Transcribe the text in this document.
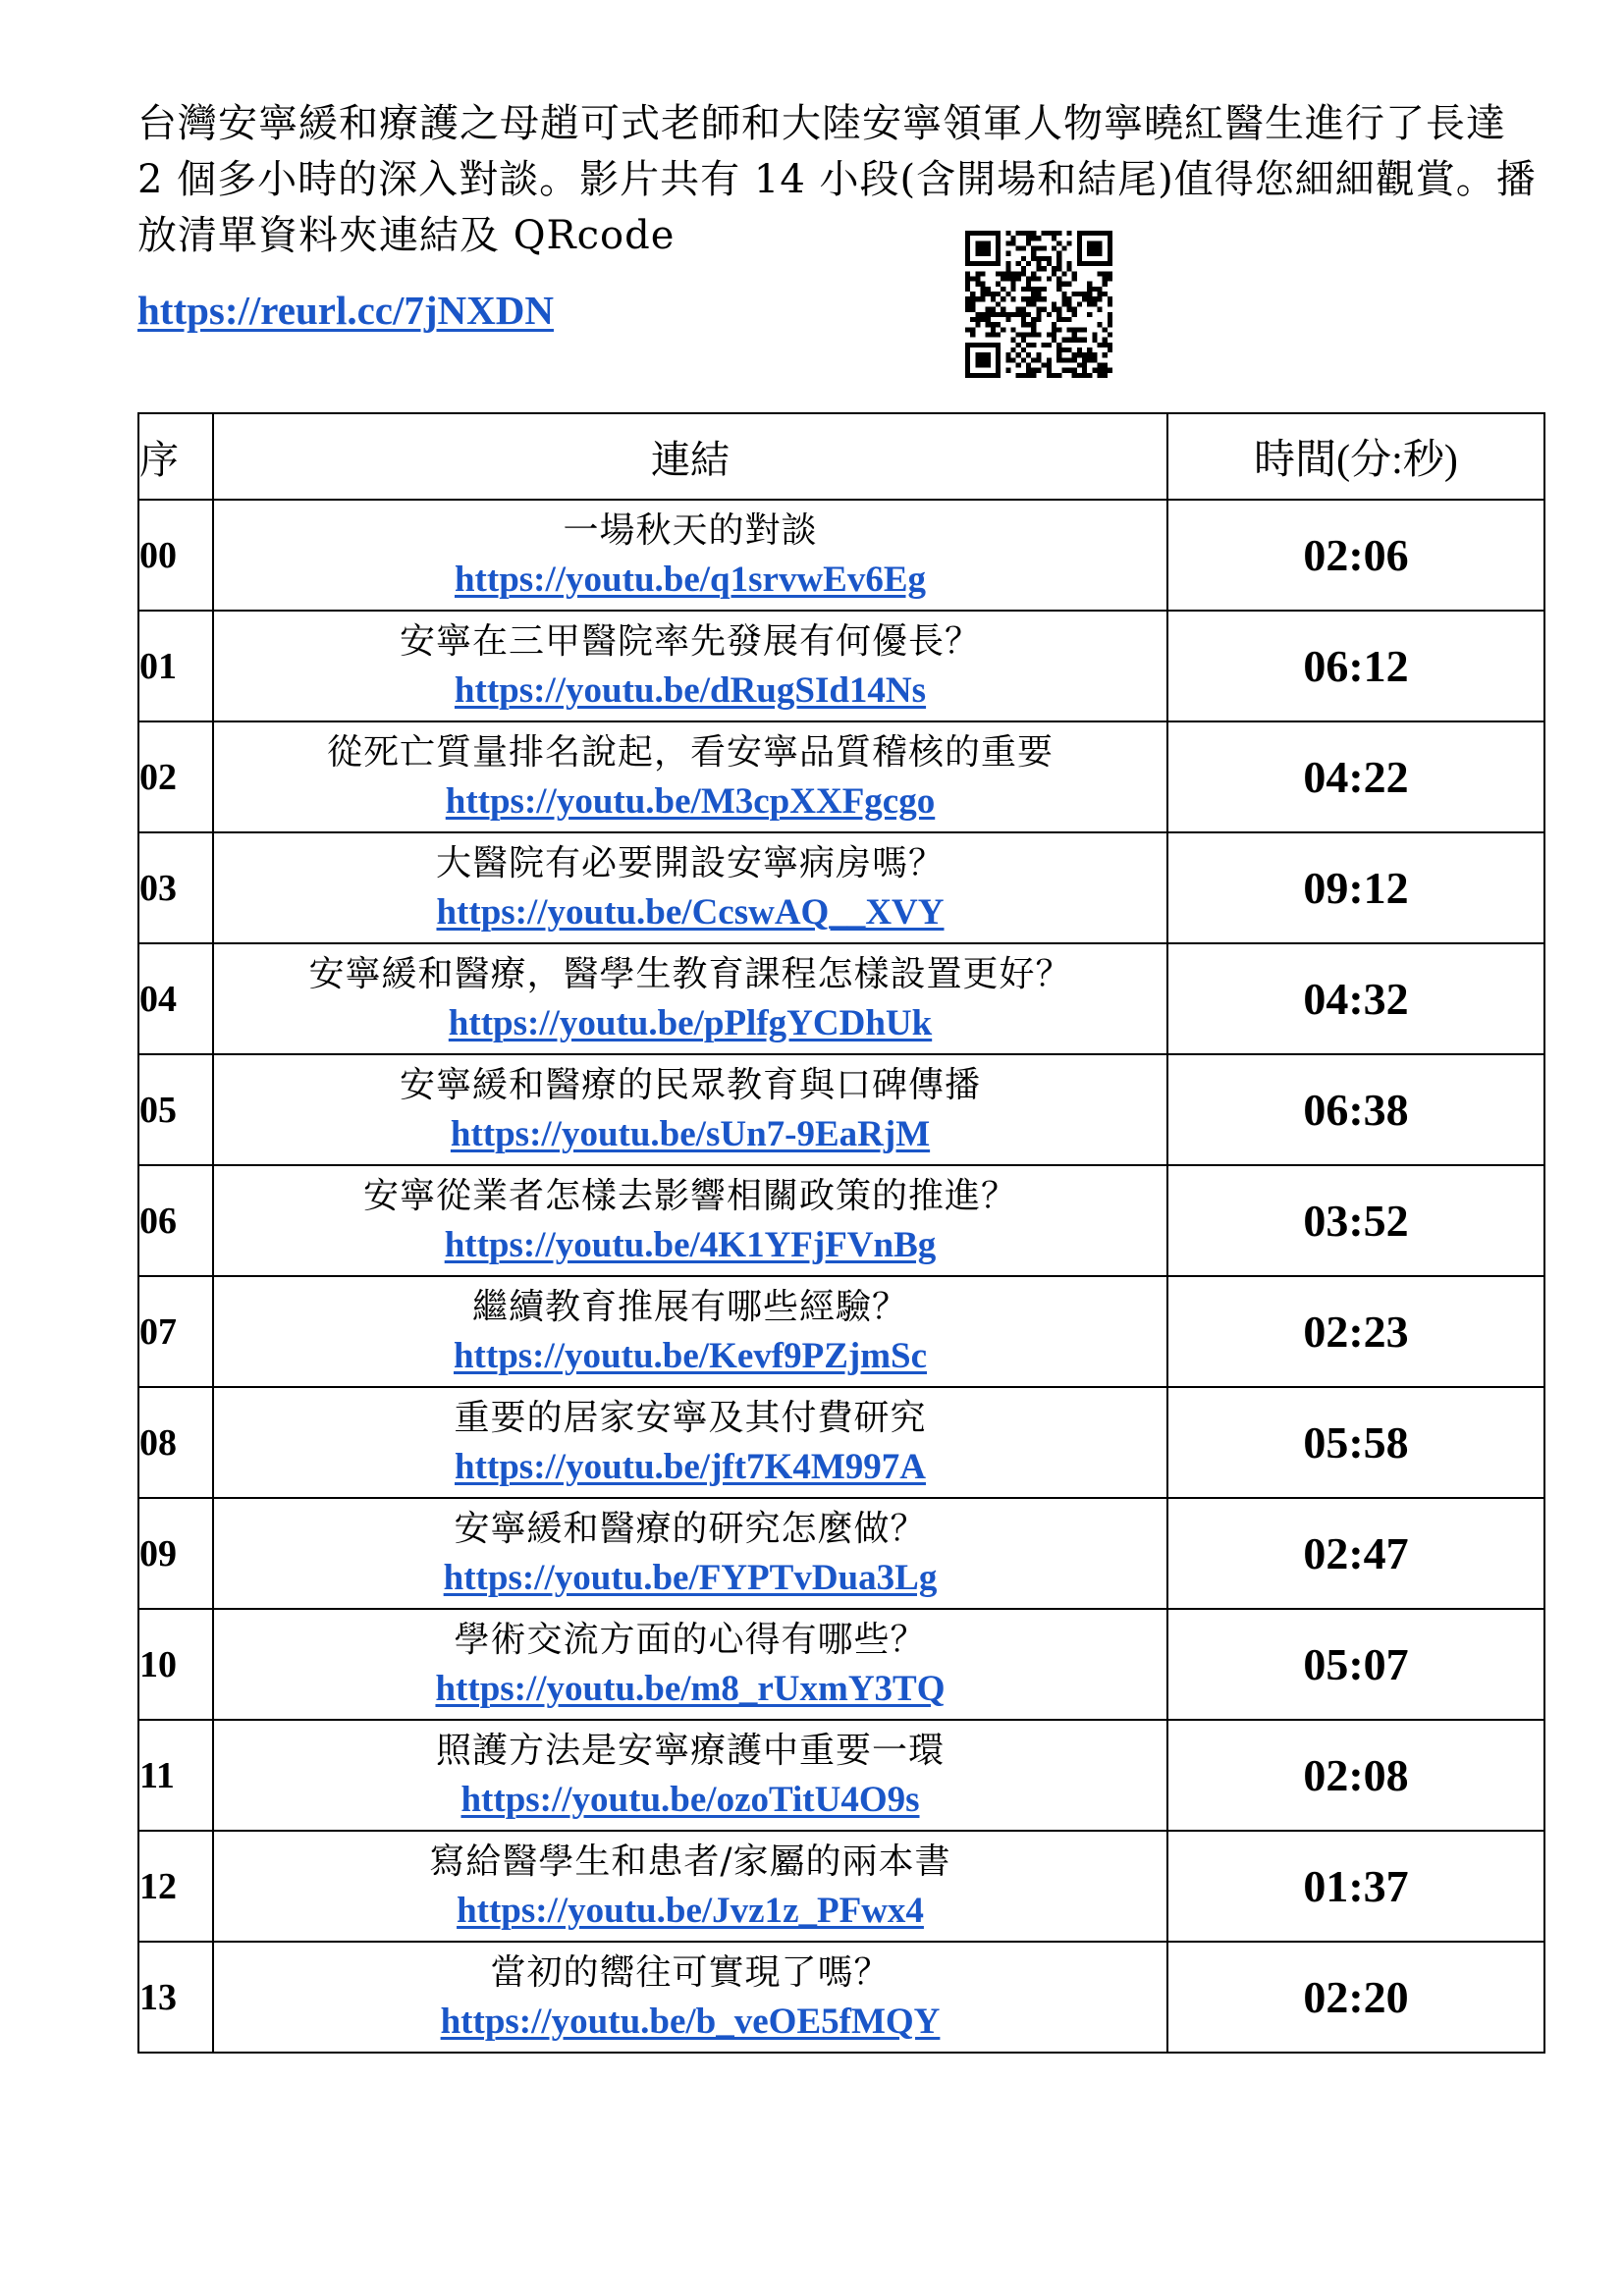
台灣安寧緩和療護之母趙可式老師和大陸安寧領軍人物寧曉紅醫生進行了長達 2 個多小時的深入對談。影片共有 14 小段(含開場和結尾)值得您細細觀賞。播放清單資料夾連結及 QRcode

https://reurl.cc/7jNXDN
序	連結	時間(分:秒)
00	一場秋天的對談
https://youtu.be/q1srvwEv6Eg	02:06
01	安寧在三甲醫院率先發展有何優長？
https://youtu.be/dRugSId14Ns	06:12
02	從死亡質量排名說起，看安寧品質稽核的重要
https://youtu.be/M3cpXXFgcgo	04:22
03	大醫院有必要開設安寧病房嗎？
https://youtu.be/CcswAQ__XVY	09:12
04	安寧緩和醫療，醫學生教育課程怎樣設置更好？
https://youtu.be/pPlfgYCDhUk	04:32
05	安寧緩和醫療的民眾教育與口碑傳播
https://youtu.be/sUn7-9EaRjM	06:38
06	安寧從業者怎樣去影響相關政策的推進？
https://youtu.be/4K1YFjFVnBg	03:52
07	繼續教育推展有哪些經驗？
https://youtu.be/Kevf9PZjmSc	02:23
08	重要的居家安寧及其付費研究
https://youtu.be/jft7K4M997A	05:58
09	安寧緩和醫療的研究怎麼做？
https://youtu.be/FYPTvDua3Lg	02:47
10	學術交流方面的心得有哪些？
https://youtu.be/m8_rUxmY3TQ	05:07
11	照護方法是安寧療護中重要一環
https://youtu.be/ozoTitU4O9s	02:08
12	寫給醫學生和患者/家屬的兩本書
https://youtu.be/Jvz1z_PFwx4	01:37
13	當初的嚮往可實現了嗎？
https://youtu.be/b_veOE5fMQY	02:20
